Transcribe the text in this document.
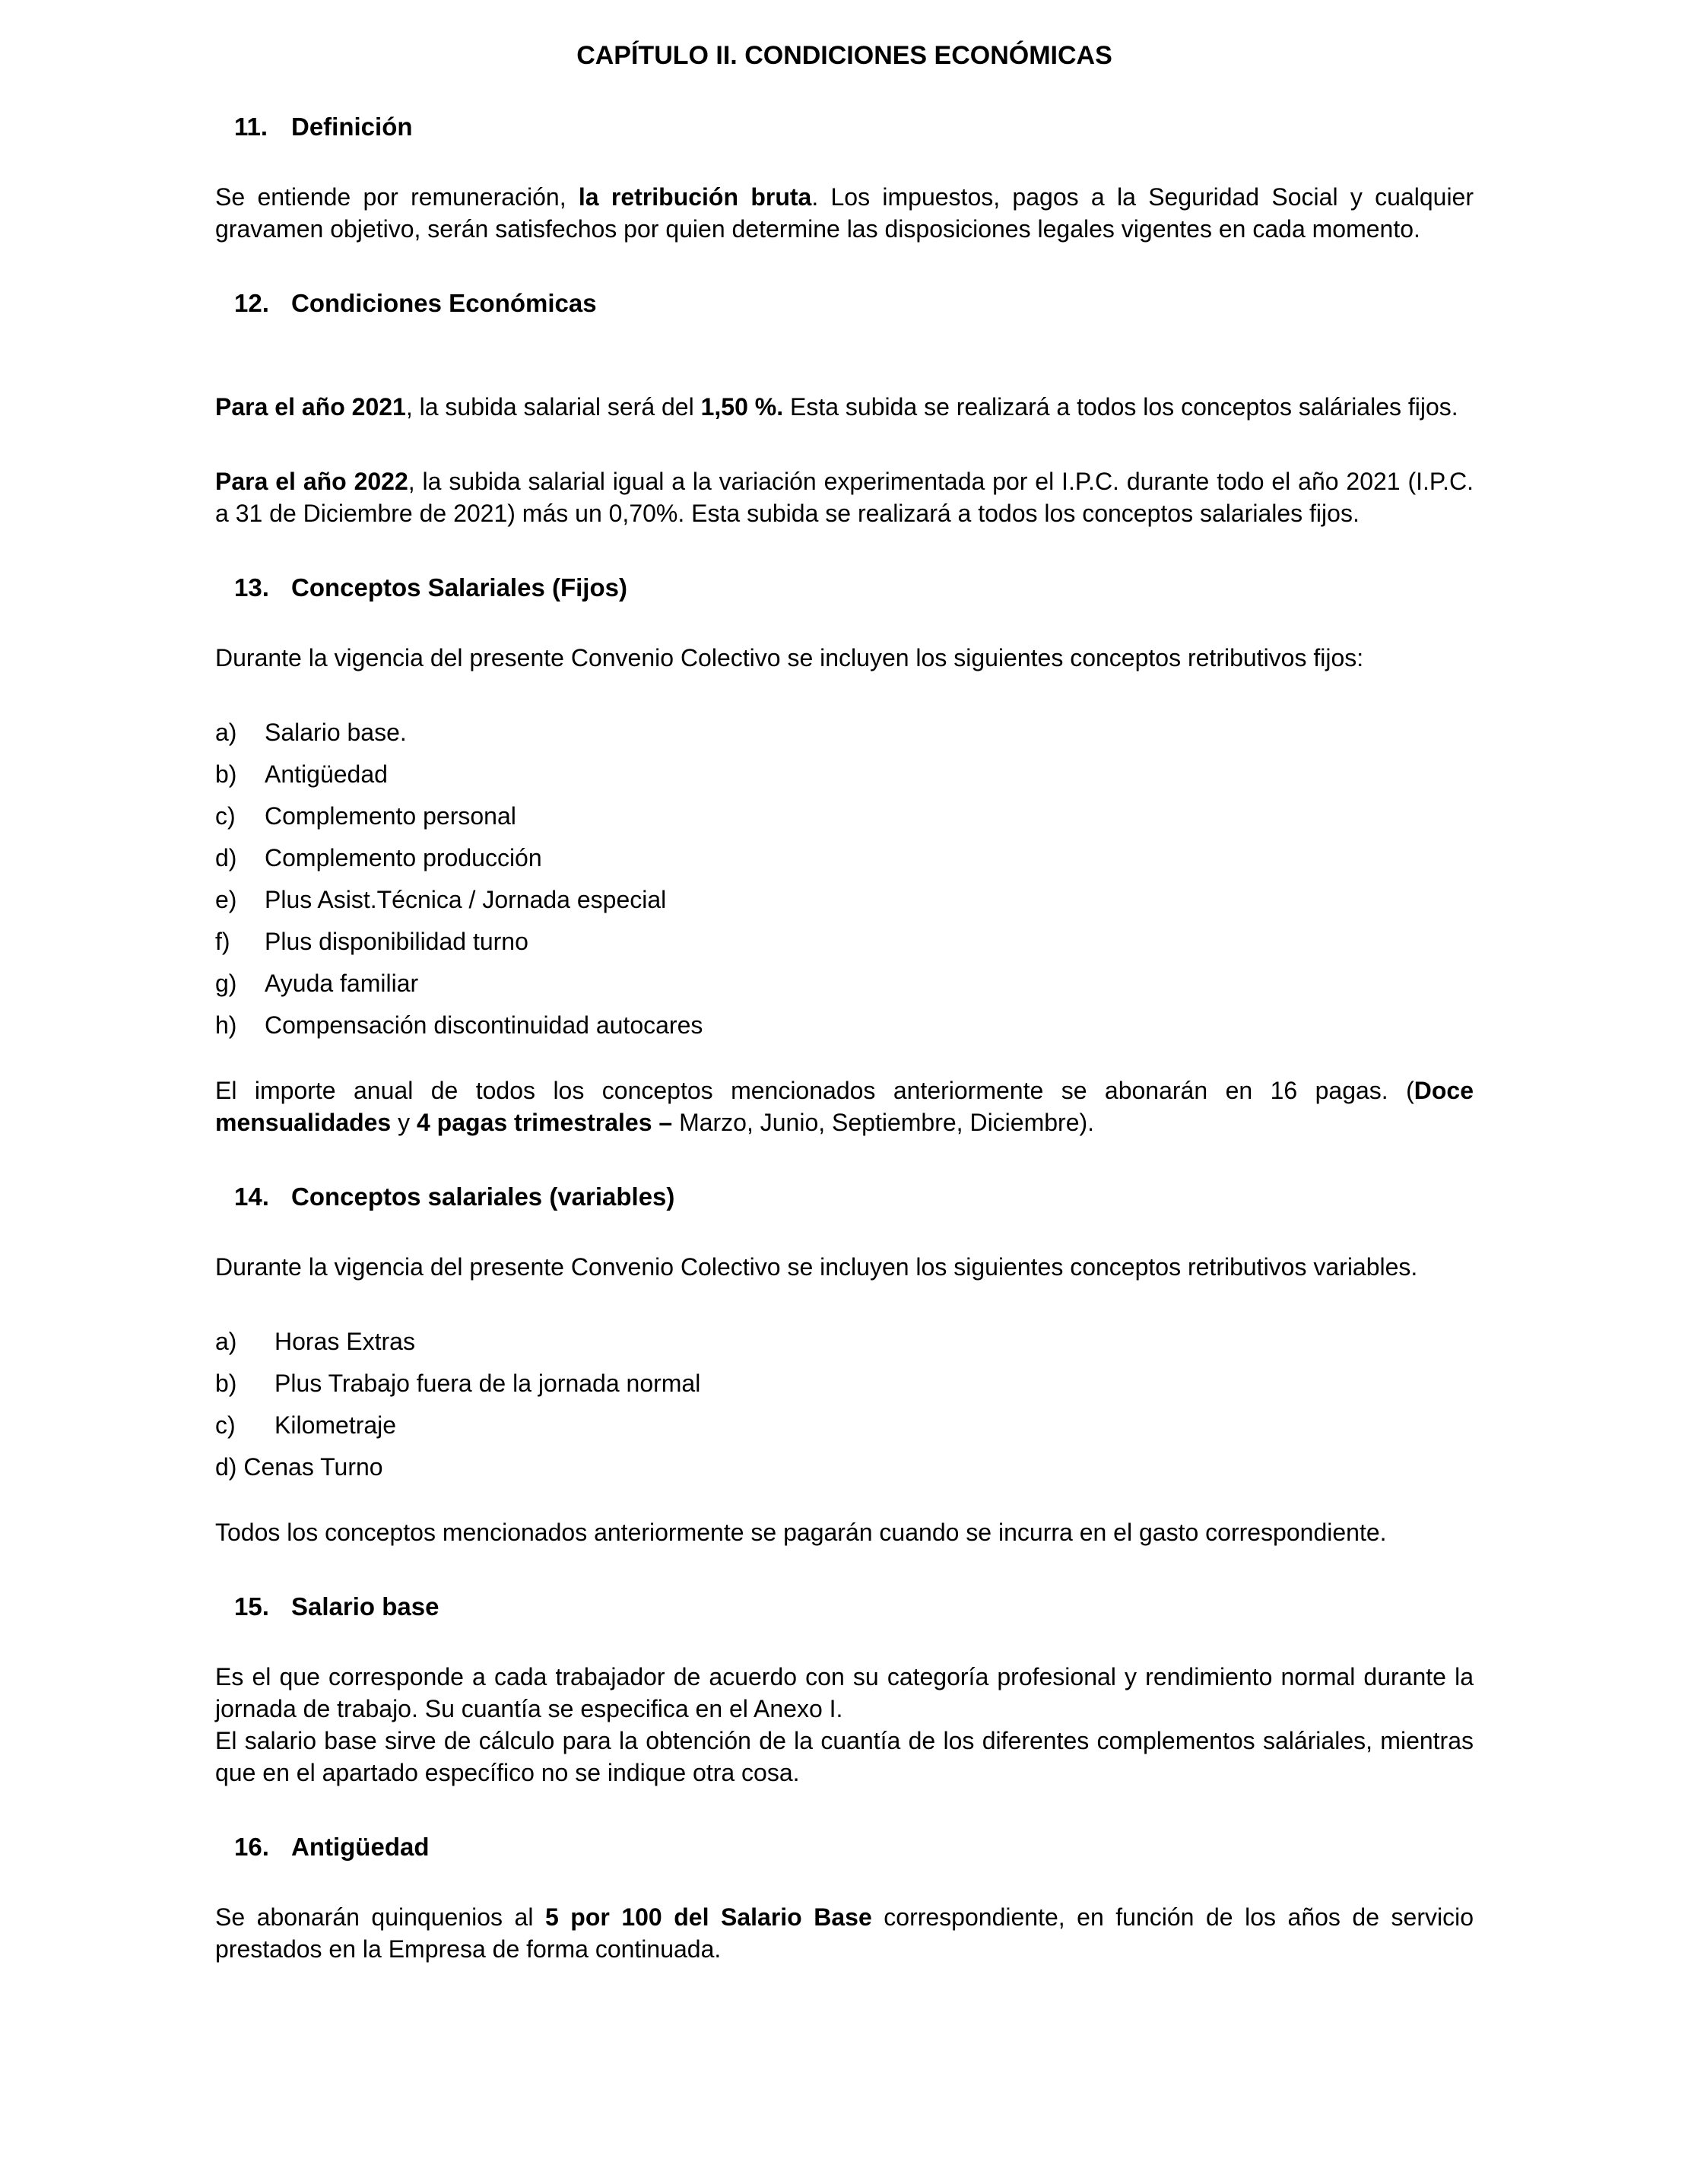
CAPÍTULO II. CONDICIONES ECONÓMICAS
11. Definición

Se entiende por remuneración, la retribución bruta. Los impuestos, pagos a la Seguridad Social y cualquier gravamen objetivo, serán satisfechos por quien determine las disposiciones legales vigentes en cada momento.

12. Condiciones Económicas

Para el año 2021, la subida salarial será del 1,50 %. Esta subida se realizará a todos los conceptos saláriales fijos.

Para el año 2022, la subida salarial igual a la variación experimentada por el I.P.C. durante todo el año 2021 (I.P.C. a 31 de Diciembre de 2021) más un 0,70%. Esta subida se realizará a todos los conceptos salariales fijos.

13. Conceptos Salariales (Fijos)

Durante la vigencia del presente Convenio Colectivo se incluyen los siguientes conceptos retributivos fijos:

a) Salario base.
b) Antigüedad
c) Complemento personal
d) Complemento producción
e) Plus Asist.Técnica / Jornada especial
f) Plus disponibilidad turno
g) Ayuda familiar
h) Compensación discontinuidad autocares

El importe anual de todos los conceptos mencionados anteriormente se abonarán en 16 pagas. (Doce mensualidades y 4 pagas trimestrales – Marzo, Junio, Septiembre, Diciembre).

14. Conceptos salariales (variables)

Durante la vigencia del presente Convenio Colectivo se incluyen los siguientes conceptos retributivos variables.

a) Horas Extras
b) Plus Trabajo fuera de la jornada normal
c) Kilometraje
d) Cenas Turno

Todos los conceptos mencionados anteriormente se pagarán cuando se incurra en el gasto correspondiente.

15. Salario base

Es el que corresponde a cada trabajador de acuerdo con su categoría profesional y rendimiento normal durante la jornada de trabajo. Su cuantía se especifica en el Anexo I.

El salario base sirve de cálculo para la obtención de la cuantía de los diferentes complementos saláriales, mientras que en el apartado específico no se indique otra cosa.

16. Antigüedad

Se abonarán quinquenios al 5 por 100 del Salario Base correspondiente, en función de los años de servicio prestados en la Empresa de forma continuada.
